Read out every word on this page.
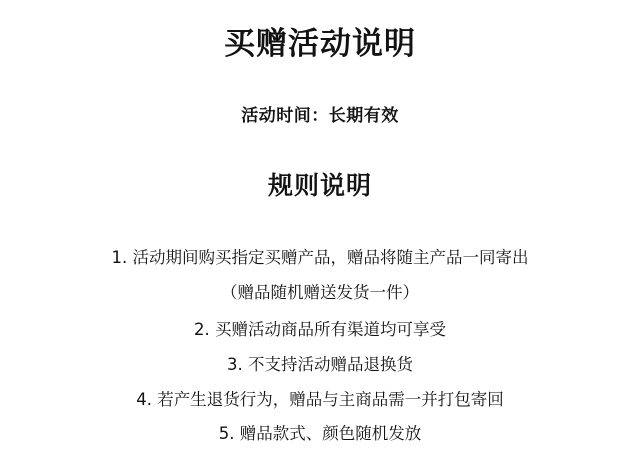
买赠活动说明
活动时间：长期有效
规则说明
1. 活动期间购买指定买赠产品，赠品将随主产品一同寄出
（赠品随机赠送发货一件）
2. 买赠活动商品所有渠道均可享受
3. 不支持活动赠品退换货
4. 若产生退货行为，赠品与主商品需一并打包寄回
5. 赠品款式、颜色随机发放
